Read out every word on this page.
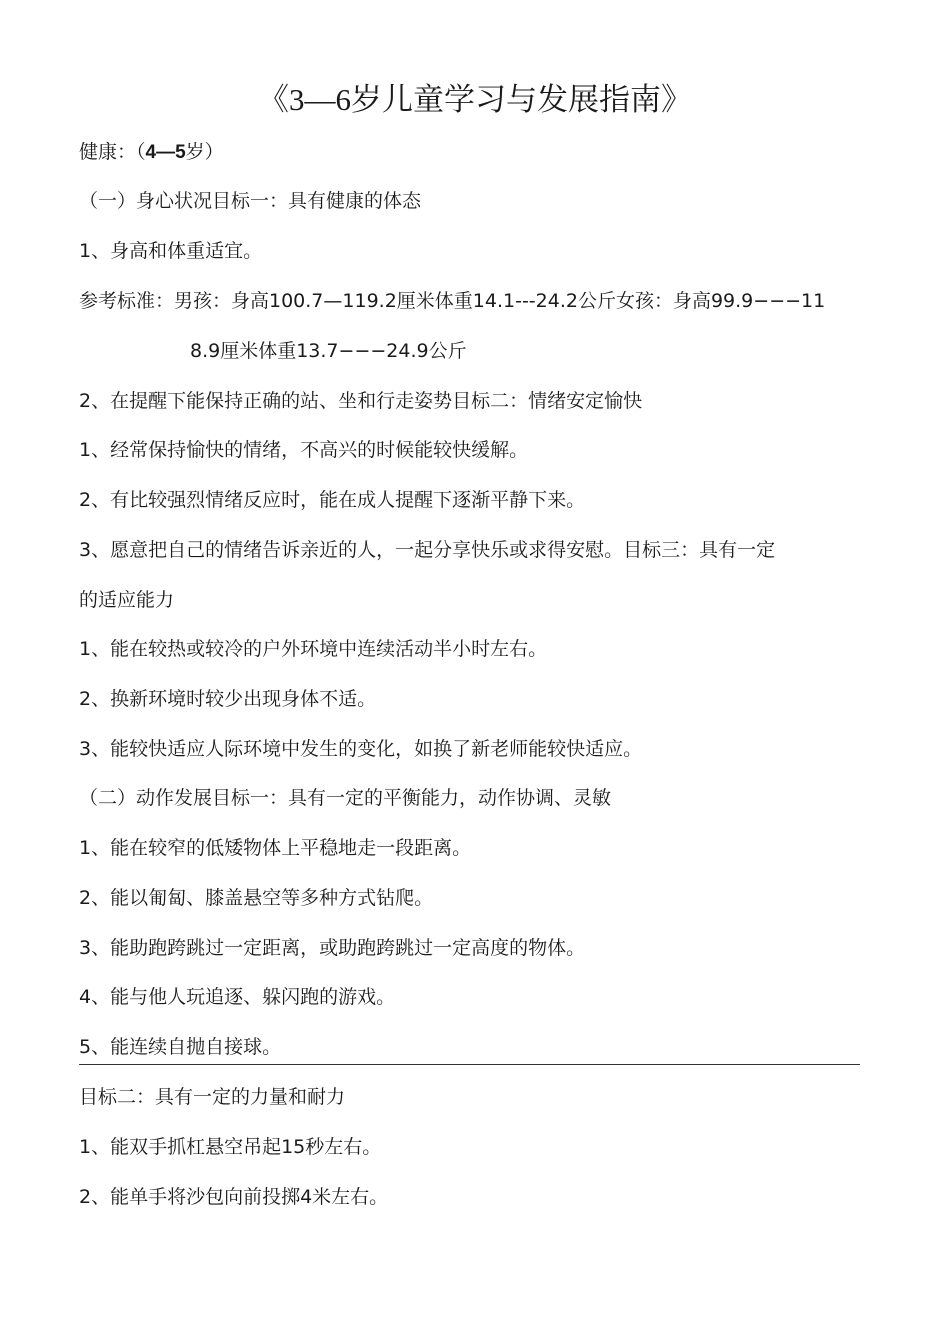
《3—6岁儿童学习与发展指南》
健康：（4—5岁）
（一）身心状况目标一：具有健康的体态
1、身高和体重适宜。
参考标准：男孩：身高100.7—119.2厘米体重14.1---24.2公斤女孩：身高99.9−−−11
8.9厘米体重13.7−−−24.9公斤
2、在提醒下能保持正确的站、坐和行走姿势目标二：情绪安定愉快
1、经常保持愉快的情绪，不高兴的时候能较快缓解。
2、有比较强烈情绪反应时，能在成人提醒下逐渐平静下来。
3、愿意把自己的情绪告诉亲近的人，一起分享快乐或求得安慰。目标三：具有一定
的适应能力
1、能在较热或较冷的户外环境中连续活动半小时左右。
2、换新环境时较少出现身体不适。
3、能较快适应人际环境中发生的变化，如换了新老师能较快适应。
（二）动作发展目标一：具有一定的平衡能力，动作协调、灵敏
1、能在较窄的低矮物体上平稳地走一段距离。
2、能以匍匐、膝盖悬空等多种方式钻爬。
3、能助跑跨跳过一定距离，或助跑跨跳过一定高度的物体。
4、能与他人玩追逐、躲闪跑的游戏。
5、能连续自抛自接球。
目标二：具有一定的力量和耐力
1、能双手抓杠悬空吊起15秒左右。
2、能单手将沙包向前投掷4米左右。
